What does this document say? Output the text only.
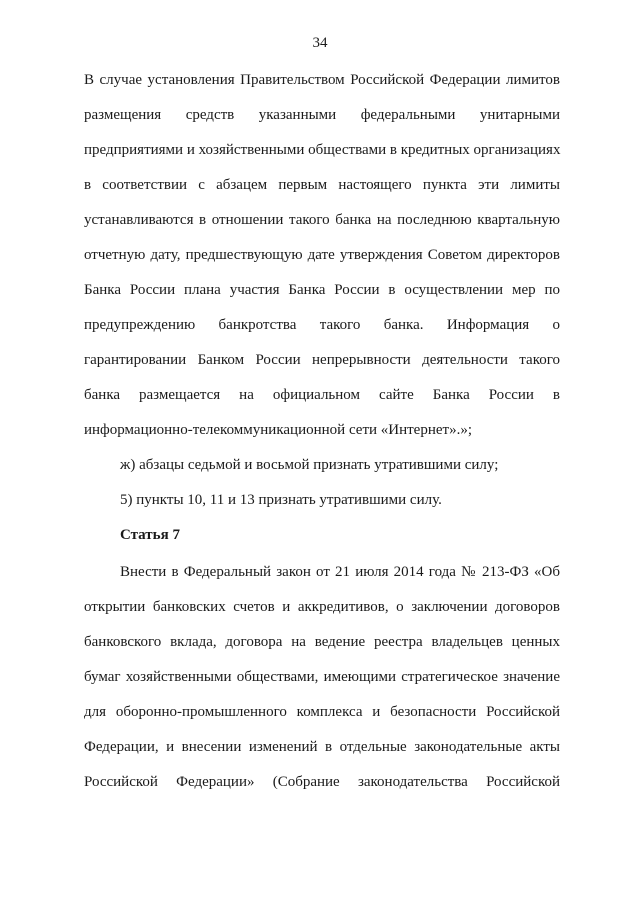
34
В случае установления Правительством Российской Федерации лимитов
размещения средств указанными федеральными унитарными
предприятиями и хозяйственными обществами в кредитных организациях
в соответствии с абзацем первым настоящего пункта эти лимиты
устанавливаются в отношении такого банка на последнюю квартальную
отчетную дату, предшествующую дате утверждения Советом директоров
Банка России плана участия Банка России в осуществлении мер по
предупреждению банкротства такого банка. Информация о
гарантировании Банком России непрерывности деятельности такого
банка размещается на официальном сайте Банка России в
информационно-телекоммуникационной сети «Интернет».»;
ж) абзацы седьмой и восьмой признать утратившими силу;
5) пункты 10, 11 и 13 признать утратившими силу.
Статья 7
Внести в Федеральный закон от 21 июля 2014 года № 213-ФЗ «Об
открытии банковских счетов и аккредитивов, о заключении договоров
банковского вклада, договора на ведение реестра владельцев ценных
бумаг хозяйственными обществами, имеющими стратегическое значение
для оборонно-промышленного комплекса и безопасности Российской
Федерации, и внесении изменений в отдельные законодательные акты
Российской Федерации» (Собрание законодательства Российской
